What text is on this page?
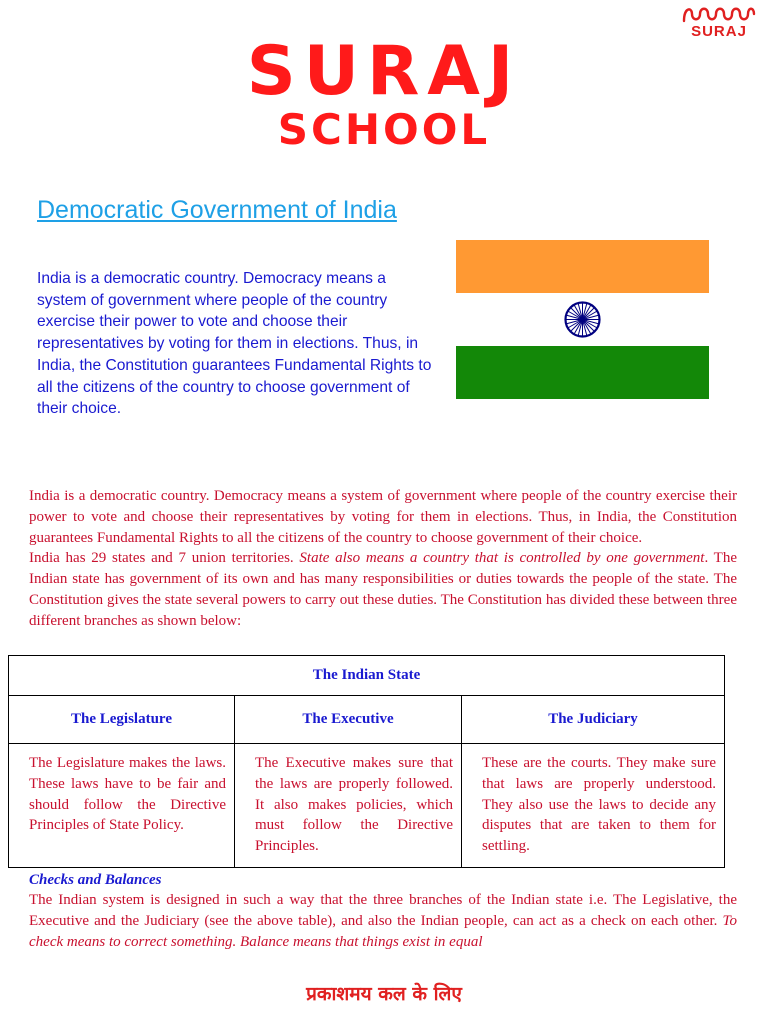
SURAJ
SURAJ
SCHOOL
Democratic Government of India

India is a democratic country. Democracy means a system of government where people of the country exercise their power to vote and choose their representatives by voting for them in elections. Thus, in India, the Constitution guarantees Fundamental Rights to all the citizens of the country to choose government of their choice.

India is a democratic country. Democracy means a system of government where people of the country exercise their power to vote and choose their representatives by voting for them in elections. Thus, in India, the Constitution guarantees Fundamental Rights to all the citizens of the country to choose government of their choice.

India has 29 states and 7 union territories. State also means a country that is controlled by one government. The Indian state has government of its own and has many responsibilities or duties towards the people of the state. The Constitution gives the state several powers to carry out these duties. The Constitution has divided these between three different branches as shown below:

The Indian State		
The Legislature	The Executive	The Judiciary
The Legislature makes the laws. These laws have to be fair and should follow the Directive Principles of State Policy.	The Executive makes sure that the laws are properly followed. It also makes policies, which must follow the Directive Principles.	These are the courts. They make sure that laws are properly understood. They also use the laws to decide any disputes that are taken to them for settling.
Checks and Balances

The Indian system is designed in such a way that the three branches of the Indian state i.e. The Legislative, the Executive and the Judiciary (see the above table), and also the Indian people, can act as a check on each other. To check means to correct something. Balance means that things exist in equal

प्रकाशमय कल के लिए
